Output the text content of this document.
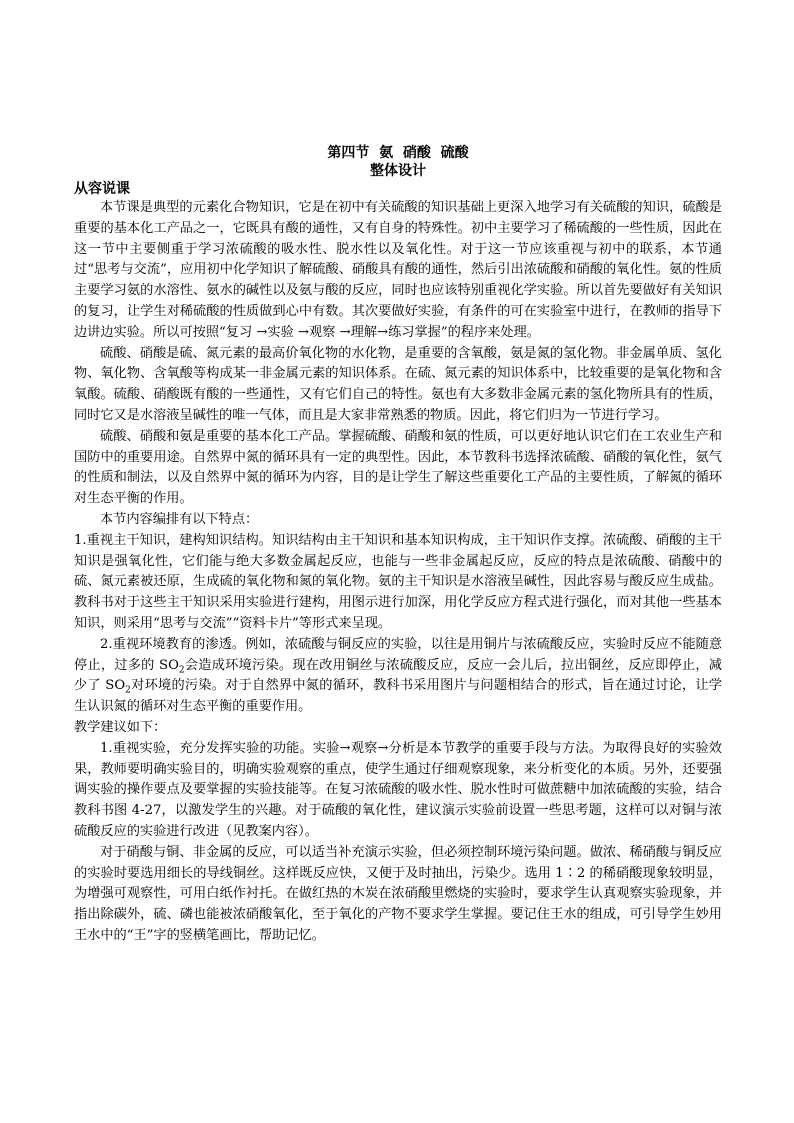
第四节  氨  硝酸  硫酸

整体设计

从容说课

本节课是典型的元素化合物知识，它是在初中有关硫酸的知识基础上更深入地学习有关硫酸的知识，硫酸是重要的基本化工产品之一，它既具有酸的通性，又有自身的特殊性。初中主要学习了稀硫酸的一些性质，因此在这一节中主要侧重于学习浓硫酸的吸水性、脱水性以及氧化性。对于这一节应该重视与初中的联系，本节通过“思考与交流”，应用初中化学知识了解硫酸、硝酸具有酸的通性，然后引出浓硫酸和硝酸的氧化性。氨的性质主要学习氨的水溶性、氨水的碱性以及氨与酸的反应，同时也应该特别重视化学实验。所以首先要做好有关知识的复习，让学生对稀硫酸的性质做到心中有数。其次要做好实验，有条件的可在实验室中进行，在教师的指导下边讲边实验。所以可按照“复习 →实验 →观察 →理解→练习掌握”的程序来处理。

硫酸、硝酸是硫、氮元素的最高价氧化物的水化物，是重要的含氧酸，氨是氮的氢化物。非金属单质、氢化物、氧化物、含氧酸等构成某一非金属元素的知识体系。在硫、氮元素的知识体系中，比较重要的是氧化物和含氧酸。硫酸、硝酸既有酸的一些通性，又有它们自己的特性。氨也有大多数非金属元素的氢化物所具有的性质，同时它又是水溶液呈碱性的唯一气体，而且是大家非常熟悉的物质。因此，将它们归为一节进行学习。

硫酸、硝酸和氨是重要的基本化工产品。掌握硫酸、硝酸和氨的性质，可以更好地认识它们在工农业生产和国防中的重要用途。自然界中氮的循环具有一定的典型性。因此，本节教科书选择浓硫酸、硝酸的氧化性，氨气的性质和制法，以及自然界中氮的循环为内容，目的是让学生了解这些重要化工产品的主要性质，了解氮的循环对生态平衡的作用。

本节内容编排有以下特点：

1.重视主干知识，建构知识结构。知识结构由主干知识和基本知识构成，主干知识作支撑。浓硫酸、硝酸的主干知识是强氧化性，它们能与绝大多数金属起反应，也能与一些非金属起反应，反应的特点是浓硫酸、硝酸中的硫、氮元素被还原，生成硫的氧化物和氮的氧化物。氨的主干知识是水溶液呈碱性，因此容易与酸反应生成盐。教科书对于这些主干知识采用实验进行建构，用图示进行加深，用化学反应方程式进行强化，而对其他一些基本知识，则采用“思考与交流”“资料卡片”等形式来呈现。

2.重视环境教育的渗透。例如，浓硫酸与铜反应的实验，以往是用铜片与浓硫酸反应，实验时反应不能随意停止，过多的 $SO_2$会造成环境污染。现在改用铜丝与浓硫酸反应，反应一会儿后，拉出铜丝，反应即停止，减少了 $SO_2$对环境的污染。对于自然界中氮的循环，教科书采用图片与问题相结合的形式，旨在通过讨论，让学生认识氮的循环对生态平衡的重要作用。

教学建议如下：

1.重视实验，充分发挥实验的功能。实验→观察→分析是本节教学的重要手段与方法。为取得良好的实验效果，教师要明确实验目的，明确实验观察的重点，使学生通过仔细观察现象，来分析变化的本质。另外，还要强调实验的操作要点及要掌握的实验技能等。在复习浓硫酸的吸水性、脱水性时可做蔗糖中加浓硫酸的实验，结合教科书图 4-27，以激发学生的兴趣。对于硫酸的氧化性，建议演示实验前设置一些思考题，这样可以对铜与浓硫酸反应的实验进行改进（见教案内容）。

对于硝酸与铜、非金属的反应，可以适当补充演示实验，但必须控制环境污染问题。做浓、稀硝酸与铜反应的实验时要选用细长的导线铜丝。这样既反应快，又便于及时抽出，污染少。选用 1∶2 的稀硝酸现象较明显，为增强可观察性，可用白纸作衬托。在做红热的木炭在浓硝酸里燃烧的实验时，要求学生认真观察实验现象，并指出除碳外，硫、磷也能被浓硝酸氧化，至于氧化的产物不要求学生掌握。要记住王水的组成，可引导学生妙用王水中的“王”字的竖横笔画比，帮助记忆。
